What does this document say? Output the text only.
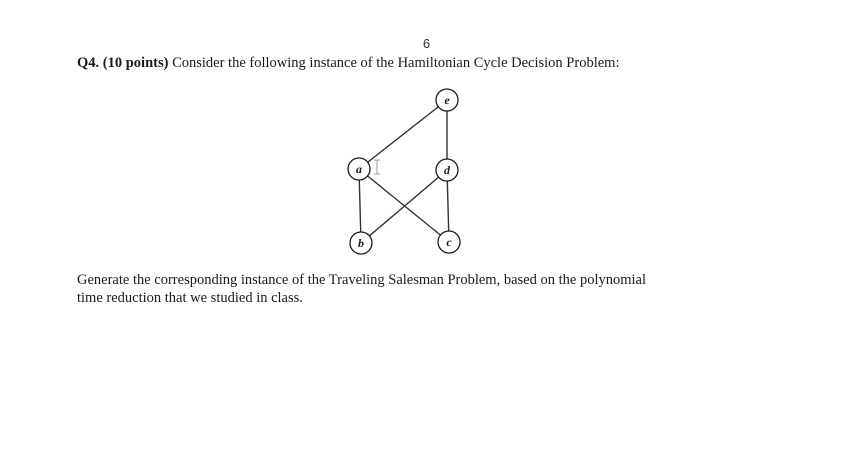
6
Q4. (10 points) Consider the following instance of the Hamiltonian Cycle Decision Problem:
e
a	d
b	c
Generate the corresponding instance of the Traveling Salesman Problem, based on the polynomial
time reduction that we studied in class.
